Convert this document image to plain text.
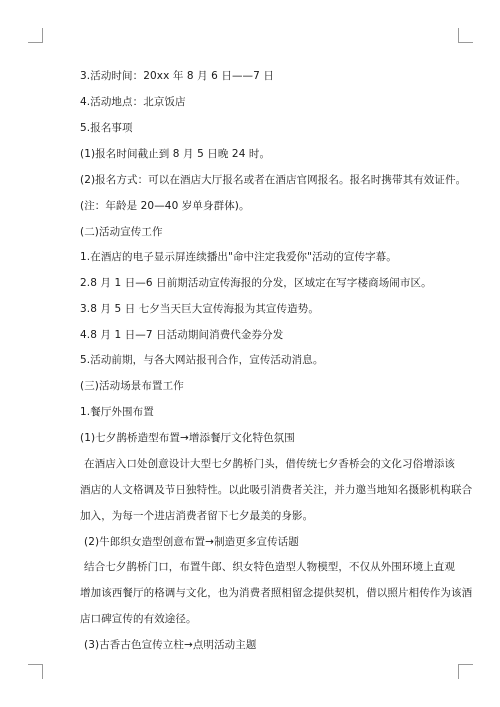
3.活动时间：20xx 年 8 月 6 日——7 日
4.活动地点：北京饭店
5.报名事项
(1)报名时间截止到 8 月 5 日晚 24 时。
(2)报名方式：可以在酒店大厅报名或者在酒店官网报名。报名时携带其有效证件。
(注：年龄是 20—40 岁单身群体)。
(二)活动宣传工作
1.在酒店的电子显示屏连续播出"命中注定我爱你"活动的宣传字幕。
2.8 月 1 日—6 日前期活动宣传海报的分发，区域定在写字楼商场闹市区。
3.8 月 5 日 七夕当天巨大宣传海报为其宣传造势。
4.8 月 1 日—7 日活动期间消费代金券分发
5.活动前期，与各大网站报刊合作，宣传活动消息。
(三)活动场景布置工作
1.餐厅外围布置
(1)七夕鹊桥造型布置→增添餐厅文化特色氛围
在酒店入口处创意设计大型七夕鹊桥门头，借传统七夕香桥会的文化习俗增添该
酒店的人文格调及节日独特性。以此吸引消费者关注，并力邀当地知名摄影机构联合
加入，为每一个进店消费者留下七夕最美的身影。
(2)牛郎织女造型创意布置→制造更多宣传话题
结合七夕鹊桥门口，布置牛郎、织女特色造型人物模型，不仅从外围环境上直观
增加该西餐厅的格调与文化，也为消费者照相留念提供契机，借以照片相传作为该酒
店口碑宣传的有效途径。
(3)古香古色宣传立柱→点明活动主题
